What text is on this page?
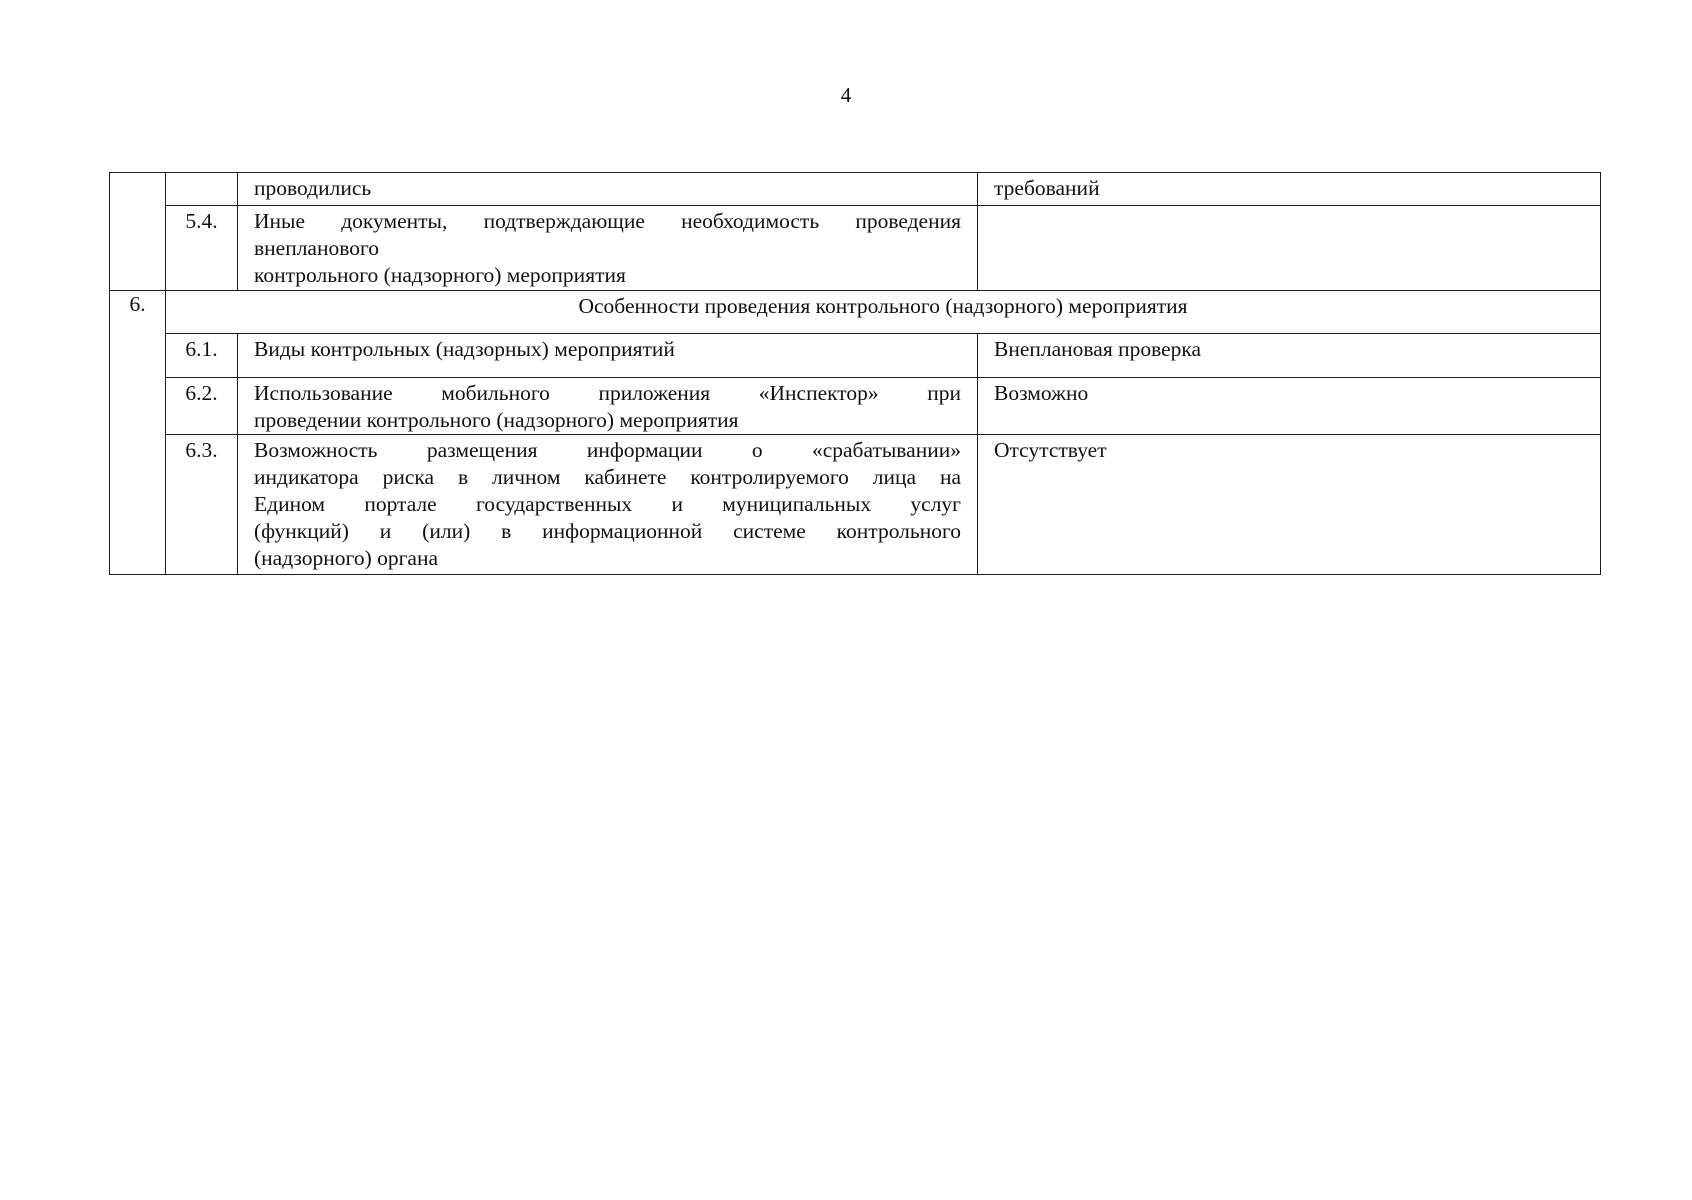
4
		проводились	требований
	5.4.	Иные документы, подтверждающие необходимость проведения
внепланового
контрольного (надзорного) мероприятия	

6.	Особенности проведения контрольного (надзорного) мероприятия		
	6.1.	Виды контрольных (надзорных) мероприятий	Внеплановая проверка
	6.2.	Использование мобильного приложения «Инспектор» при
проведении контрольного (надзорного) мероприятия	Возможно
	6.3.	Возможность размещения информации о «срабатывании»
индикатора риска в личном кабинете контролируемого лица на
Едином портале государственных и муниципальных услуг
(функций) и (или) в информационной системе контрольного
(надзорного) органа	Отсутствует
